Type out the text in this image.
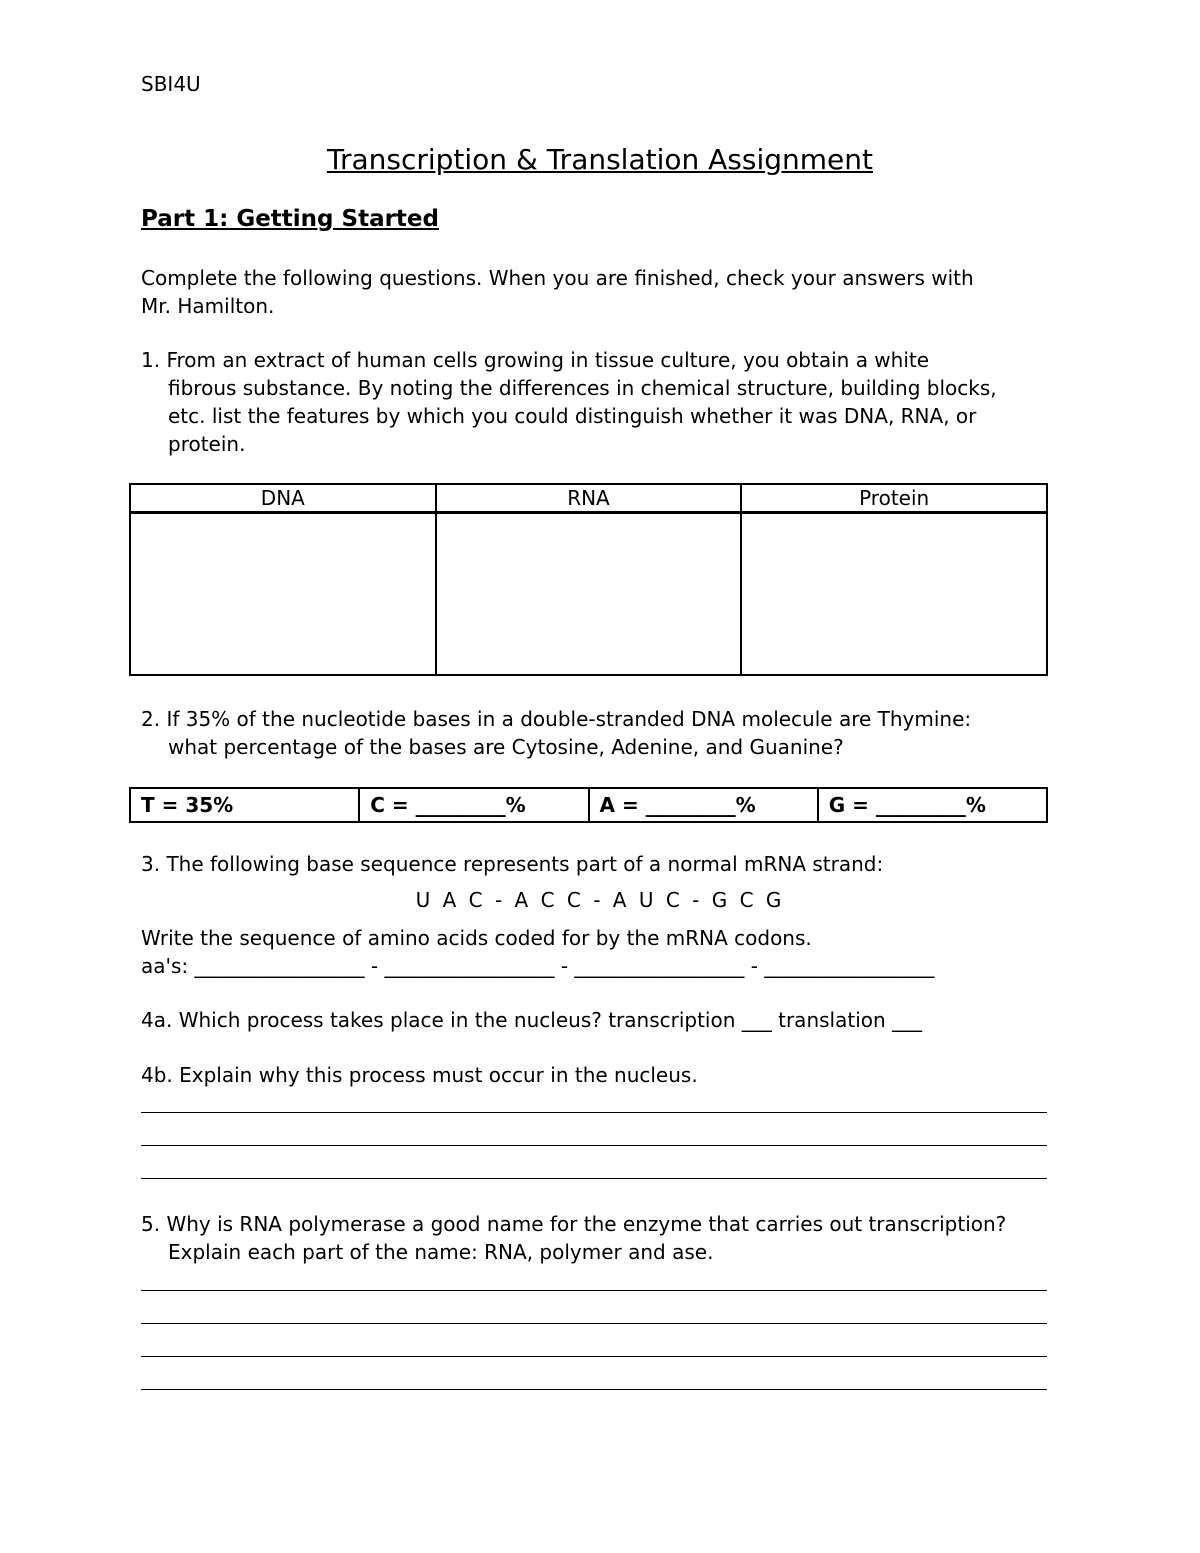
SBI4U
Transcription & Translation Assignment
Part 1: Getting Started
Complete the following questions. When you are finished, check your answers with
Mr. Hamilton.
1. From an extract of human cells growing in tissue culture, you obtain a white
fibrous substance. By noting the differences in chemical structure, building blocks,
etc. list the features by which you could distinguish whether it was DNA, RNA, or
protein.
DNA	RNA	Protein

2. If 35% of the nucleotide bases in a double-stranded DNA molecule are Thymine:
what percentage of the bases are Cytosine, Adenine, and Guanine?
T = 35%	C = _________%	A = _________%	G = _________%
3. The following base sequence represents part of a normal mRNA strand:
U A C - A C C - A U C - G C G
Write the sequence of amino acids coded for by the mRNA codons.
aa's: _________________ - _________________ - _________________ - _________________
4a. Which process takes place in the nucleus? transcription ___ translation ___
4b. Explain why this process must occur in the nucleus.
5. Why is RNA polymerase a good name for the enzyme that carries out transcription?
Explain each part of the name: RNA, polymer and ase.
